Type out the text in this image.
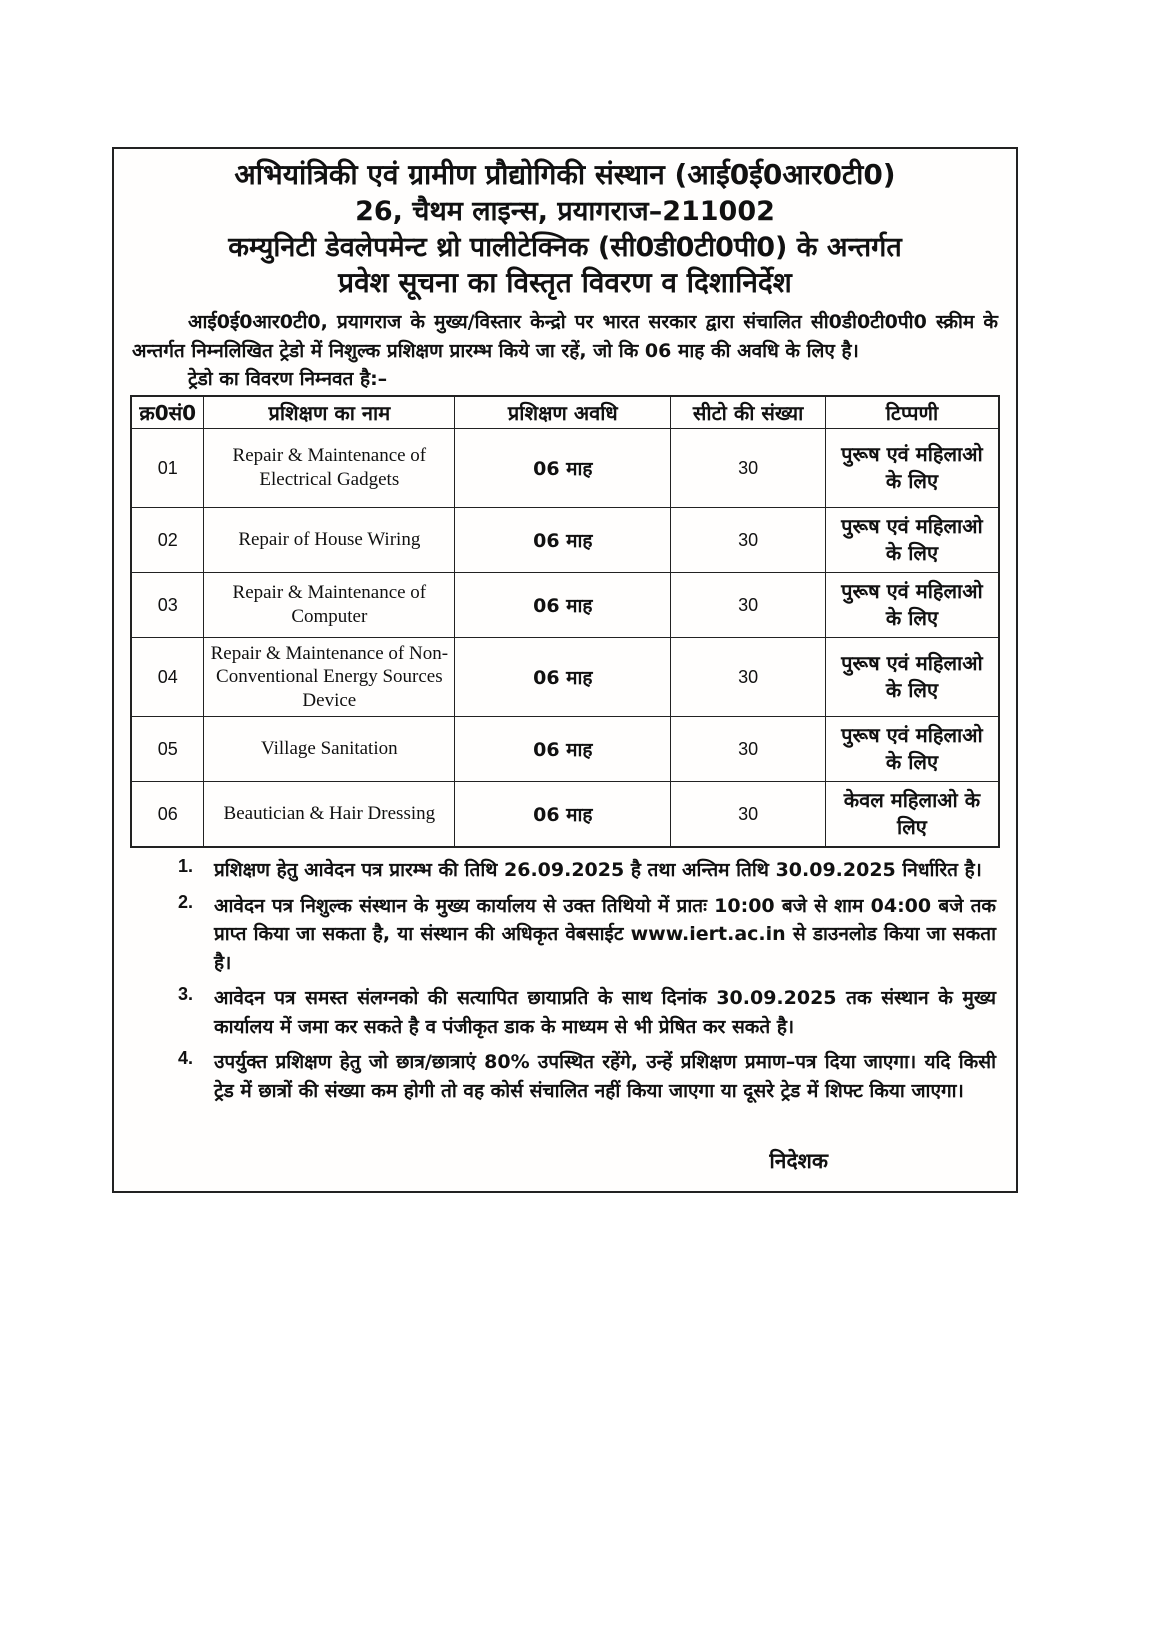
अभियांत्रिकी एवं ग्रामीण प्रौद्योगिकी संस्थान (आई0ई0आर0टी0)
26, चैथम लाइन्स, प्रयागराज–211002
कम्युनिटी डेवलेपमेन्ट थ्रो पालीटेक्निक (सी0डी0टी0पी0) के अन्तर्गत
प्रवेश सूचना का विस्तृत विवरण व दिशानिर्देश

आई0ई0आर0टी0, प्रयागराज के मुख्य/विस्तार केन्द्रो पर भारत सरकार द्वारा संचालित सी0डी0टी0पी0 स्क्रीम के अन्तर्गत निम्नलिखित ट्रेडो में निशुल्क प्रशिक्षण प्रारम्भ किये जा रहें, जो कि 06 माह की अवधि के लिए है।

ट्रेडो का विवरण निम्नवत है:–

क्र0सं0	प्रशिक्षण का नाम	प्रशिक्षण अवधि	सीटो की संख्या	टिप्पणी
01	Repair & Maintenance of Electrical Gadgets	06 माह	30	पुरूष एवं महिलाओ के लिए
02	Repair of House Wiring	06 माह	30	पुरूष एवं महिलाओ के लिए
03	Repair & Maintenance of Computer	06 माह	30	पुरूष एवं महिलाओ के लिए
04	Repair & Maintenance of Non-Conventional Energy Sources Device	06 माह	30	पुरूष एवं महिलाओ के लिए
05	Village Sanitation	06 माह	30	पुरूष एवं महिलाओ के लिए
06	Beautician & Hair Dressing	06 माह	30	केवल महिलाओ के लिए
1.	प्रशिक्षण हेतु आवेदन पत्र प्रारम्भ की तिथि 26.09.2025 है तथा अन्तिम तिथि 30.09.2025 निर्धारित है।
2.	आवेदन पत्र निशुल्क संस्थान के मुख्य कार्यालय से उक्त तिथियो में प्रातः 10:00 बजे से शाम 04:00 बजे तक प्राप्त किया जा सकता है, या संस्थान की अधिकृत वेबसाईट www.iert.ac.in से डाउनलोड किया जा सकता है।
3.	आवेदन पत्र समस्त संलग्नको की सत्यापित छायाप्रति के साथ दिनांक 30.09.2025 तक संस्थान के मुख्य कार्यालय में जमा कर सकते है व पंजीकृत डाक के माध्यम से भी प्रेषित कर सकते है।
4.	उपर्युक्त प्रशिक्षण हेतु जो छात्र/छात्राएं 80% उपस्थित रहेंगे, उन्हें प्रशिक्षण प्रमाण–पत्र दिया जाएगा। यदि किसी ट्रेड में छात्रों की संख्या कम होगी तो वह कोर्स संचालित नहीं किया जाएगा या दूसरे ट्रेड में शिफ्ट किया जाएगा।
निदेशक
